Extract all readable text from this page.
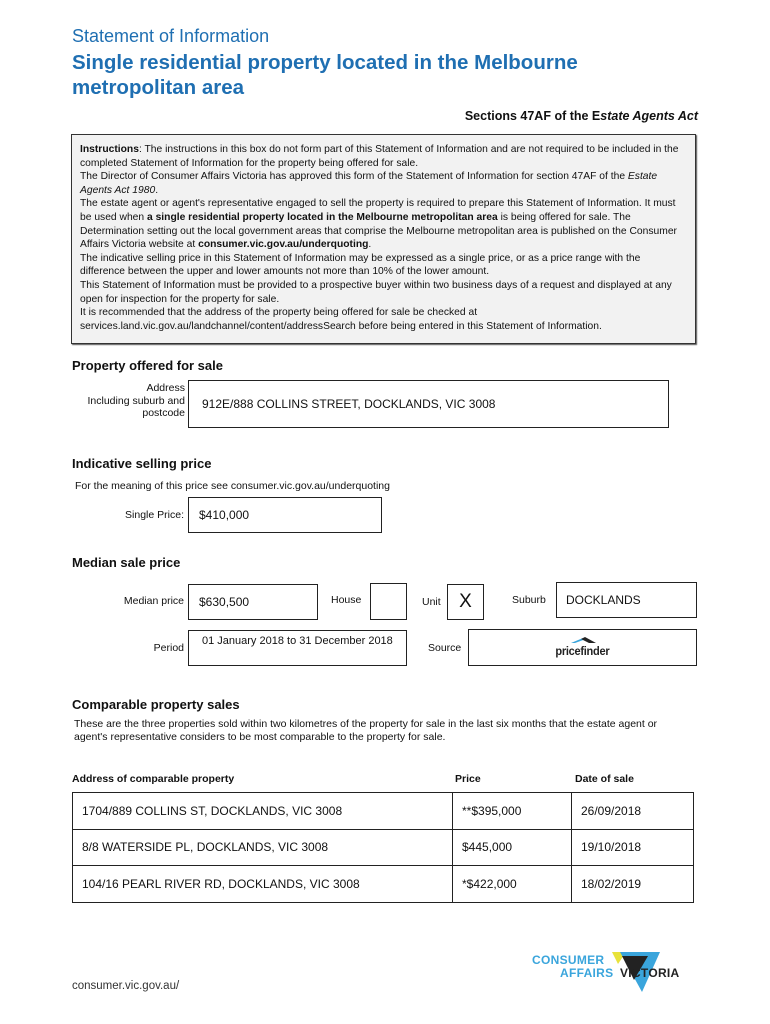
Statement of Information
Single residential property located in the Melbourne metropolitan area
Sections 47AF of the Estate Agents Act

Instructions: The instructions in this box do not form part of this Statement of Information and are not required to be included in the completed Statement of Information for the property being offered for sale.

The Director of Consumer Affairs Victoria has approved this form of the Statement of Information for section 47AF of the Estate Agents Act 1980.

The estate agent or agent's representative engaged to sell the property is required to prepare this Statement of Information. It must be used when a single residential property located in the Melbourne metropolitan area is being offered for sale. The Determination setting out the local government areas that comprise the Melbourne metropolitan area is published on the Consumer Affairs Victoria website at consumer.vic.gov.au/underquoting.

The indicative selling price in this Statement of Information may be expressed as a single price, or as a price range with the difference between the upper and lower amounts not more than 10% of the lower amount.

This Statement of Information must be provided to a prospective buyer within two business days of a request and displayed at any open for inspection for the property for sale.

It is recommended that the address of the property being offered for sale be checked at services.land.vic.gov.au/landchannel/content/addressSearch before being entered in this Statement of Information.

Property offered for sale
Address
Including suburb and
postcode
912E/888 COLLINS STREET, DOCKLANDS, VIC 3008
Indicative selling price
For the meaning of this price see consumer.vic.gov.au/underquoting
Single Price: $410,000
Median sale price
Median price $630,500	House	Unit X	Suburb	DOCKLANDS
Period
01 January 2018 to 31 December 2018
Source	pricefinder
Comparable property sales
These are the three properties sold within two kilometres of the property for sale in the last six months that the estate agent or agent's representative considers to be most comparable to the property for sale.
Address of comparable property	Price	Date of sale
1704/889 COLLINS ST, DOCKLANDS, VIC 3008	**$395,000	26/09/2018
8/8 WATERSIDE PL, DOCKLANDS, VIC 3008	$445,000	19/10/2018
104/16 PEARL RIVER RD, DOCKLANDS, VIC 3008	*$422,000	18/02/2019
consumer.vic.gov.au/
CONSUMER
AFFAIRS VICTORIA
